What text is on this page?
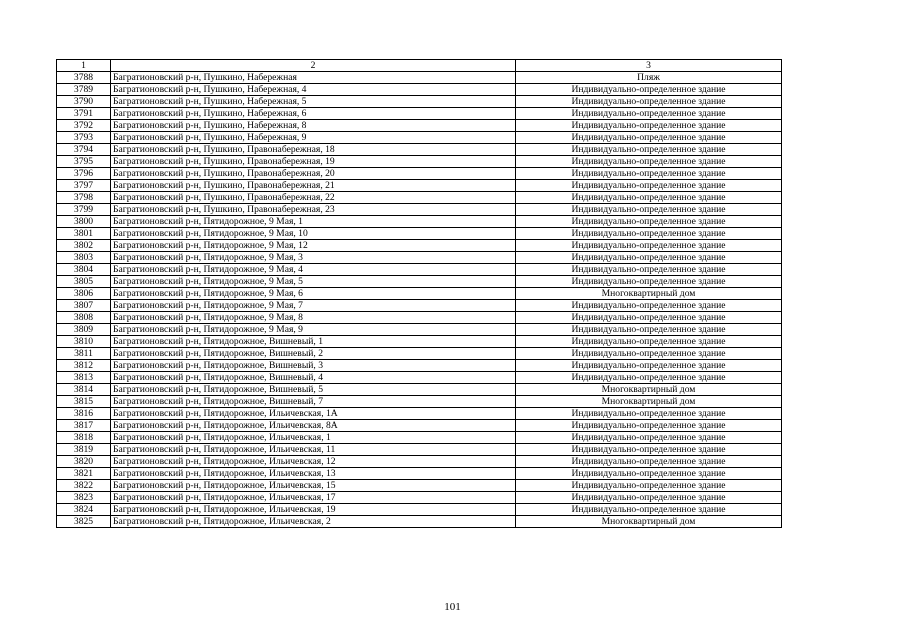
1	2	3
3788	Багратионовский р-н, Пушкино, Набережная	Пляж
3789	Багратионовский р-н, Пушкино, Набережная, 4	Индивидуально-определенное здание
3790	Багратионовский р-н, Пушкино, Набережная, 5	Индивидуально-определенное здание
3791	Багратионовский р-н, Пушкино, Набережная, 6	Индивидуально-определенное здание
3792	Багратионовский р-н, Пушкино, Набережная, 8	Индивидуально-определенное здание
3793	Багратионовский р-н, Пушкино, Набережная, 9	Индивидуально-определенное здание
3794	Багратионовский р-н, Пушкино, Правонабережная, 18	Индивидуально-определенное здание
3795	Багратионовский р-н, Пушкино, Правонабережная, 19	Индивидуально-определенное здание
3796	Багратионовский р-н, Пушкино, Правонабережная, 20	Индивидуально-определенное здание
3797	Багратионовский р-н, Пушкино, Правонабережная, 21	Индивидуально-определенное здание
3798	Багратионовский р-н, Пушкино, Правонабережная, 22	Индивидуально-определенное здание
3799	Багратионовский р-н, Пушкино, Правонабережная, 23	Индивидуально-определенное здание
3800	Багратионовский р-н, Пятидорожное, 9 Мая, 1	Индивидуально-определенное здание
3801	Багратионовский р-н, Пятидорожное, 9 Мая, 10	Индивидуально-определенное здание
3802	Багратионовский р-н, Пятидорожное, 9 Мая, 12	Индивидуально-определенное здание
3803	Багратионовский р-н, Пятидорожное, 9 Мая, 3	Индивидуально-определенное здание
3804	Багратионовский р-н, Пятидорожное, 9 Мая, 4	Индивидуально-определенное здание
3805	Багратионовский р-н, Пятидорожное, 9 Мая, 5	Индивидуально-определенное здание
3806	Багратионовский р-н, Пятидорожное, 9 Мая, 6	Многоквартирный дом
3807	Багратионовский р-н, Пятидорожное, 9 Мая, 7	Индивидуально-определенное здание
3808	Багратионовский р-н, Пятидорожное, 9 Мая, 8	Индивидуально-определенное здание
3809	Багратионовский р-н, Пятидорожное, 9 Мая, 9	Индивидуально-определенное здание
3810	Багратионовский р-н, Пятидорожное, Вишневый, 1	Индивидуально-определенное здание
3811	Багратионовский р-н, Пятидорожное, Вишневый, 2	Индивидуально-определенное здание
3812	Багратионовский р-н, Пятидорожное, Вишневый, 3	Индивидуально-определенное здание
3813	Багратионовский р-н, Пятидорожное, Вишневый, 4	Индивидуально-определенное здание
3814	Багратионовский р-н, Пятидорожное, Вишневый, 5	Многоквартирный дом
3815	Багратионовский р-н, Пятидорожное, Вишневый, 7	Многоквартирный дом
3816	Багратионовский р-н, Пятидорожное, Ильичевская, 1А	Индивидуально-определенное здание
3817	Багратионовский р-н, Пятидорожное, Ильичевская, 8А	Индивидуально-определенное здание
3818	Багратионовский р-н, Пятидорожное, Ильичевская, 1	Индивидуально-определенное здание
3819	Багратионовский р-н, Пятидорожное, Ильичевская, 11	Индивидуально-определенное здание
3820	Багратионовский р-н, Пятидорожное, Ильичевская, 12	Индивидуально-определенное здание
3821	Багратионовский р-н, Пятидорожное, Ильичевская, 13	Индивидуально-определенное здание
3822	Багратионовский р-н, Пятидорожное, Ильичевская, 15	Индивидуально-определенное здание
3823	Багратионовский р-н, Пятидорожное, Ильичевская, 17	Индивидуально-определенное здание
3824	Багратионовский р-н, Пятидорожное, Ильичевская, 19	Индивидуально-определенное здание
3825	Багратионовский р-н, Пятидорожное, Ильичевская, 2	Многоквартирный дом
101
